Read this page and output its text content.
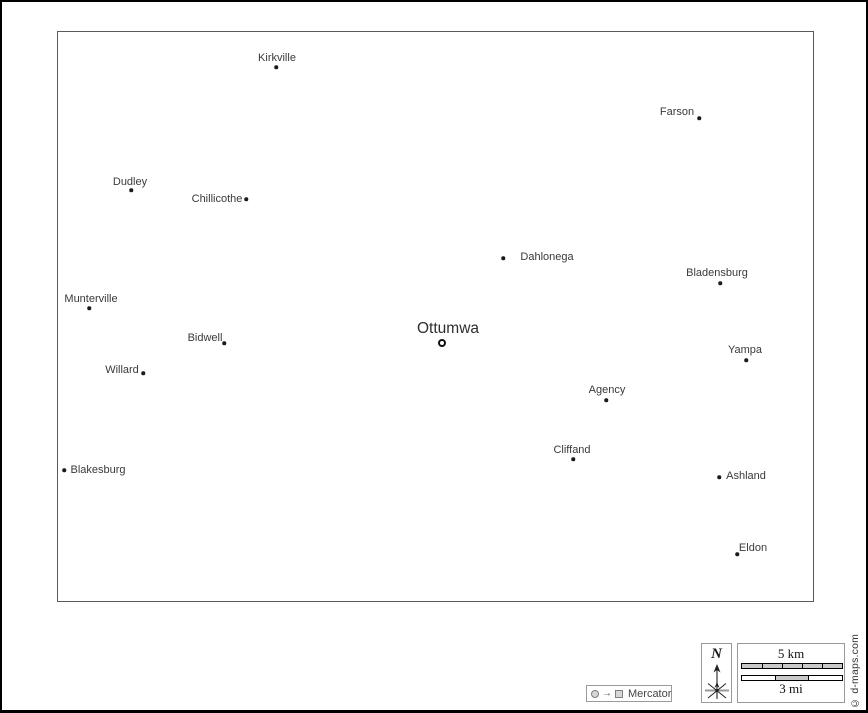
→ Mercator
N	5 km
3 mi	© d-maps.com
Kirkville
Farson
Dudley
Chillicothe
Dahlonega
Bladensburg
Munterville
Bidwell
Yampa
Willard
Agency
Cliffand
Blakesburg	Ashland
Eldon
Ottumwa
